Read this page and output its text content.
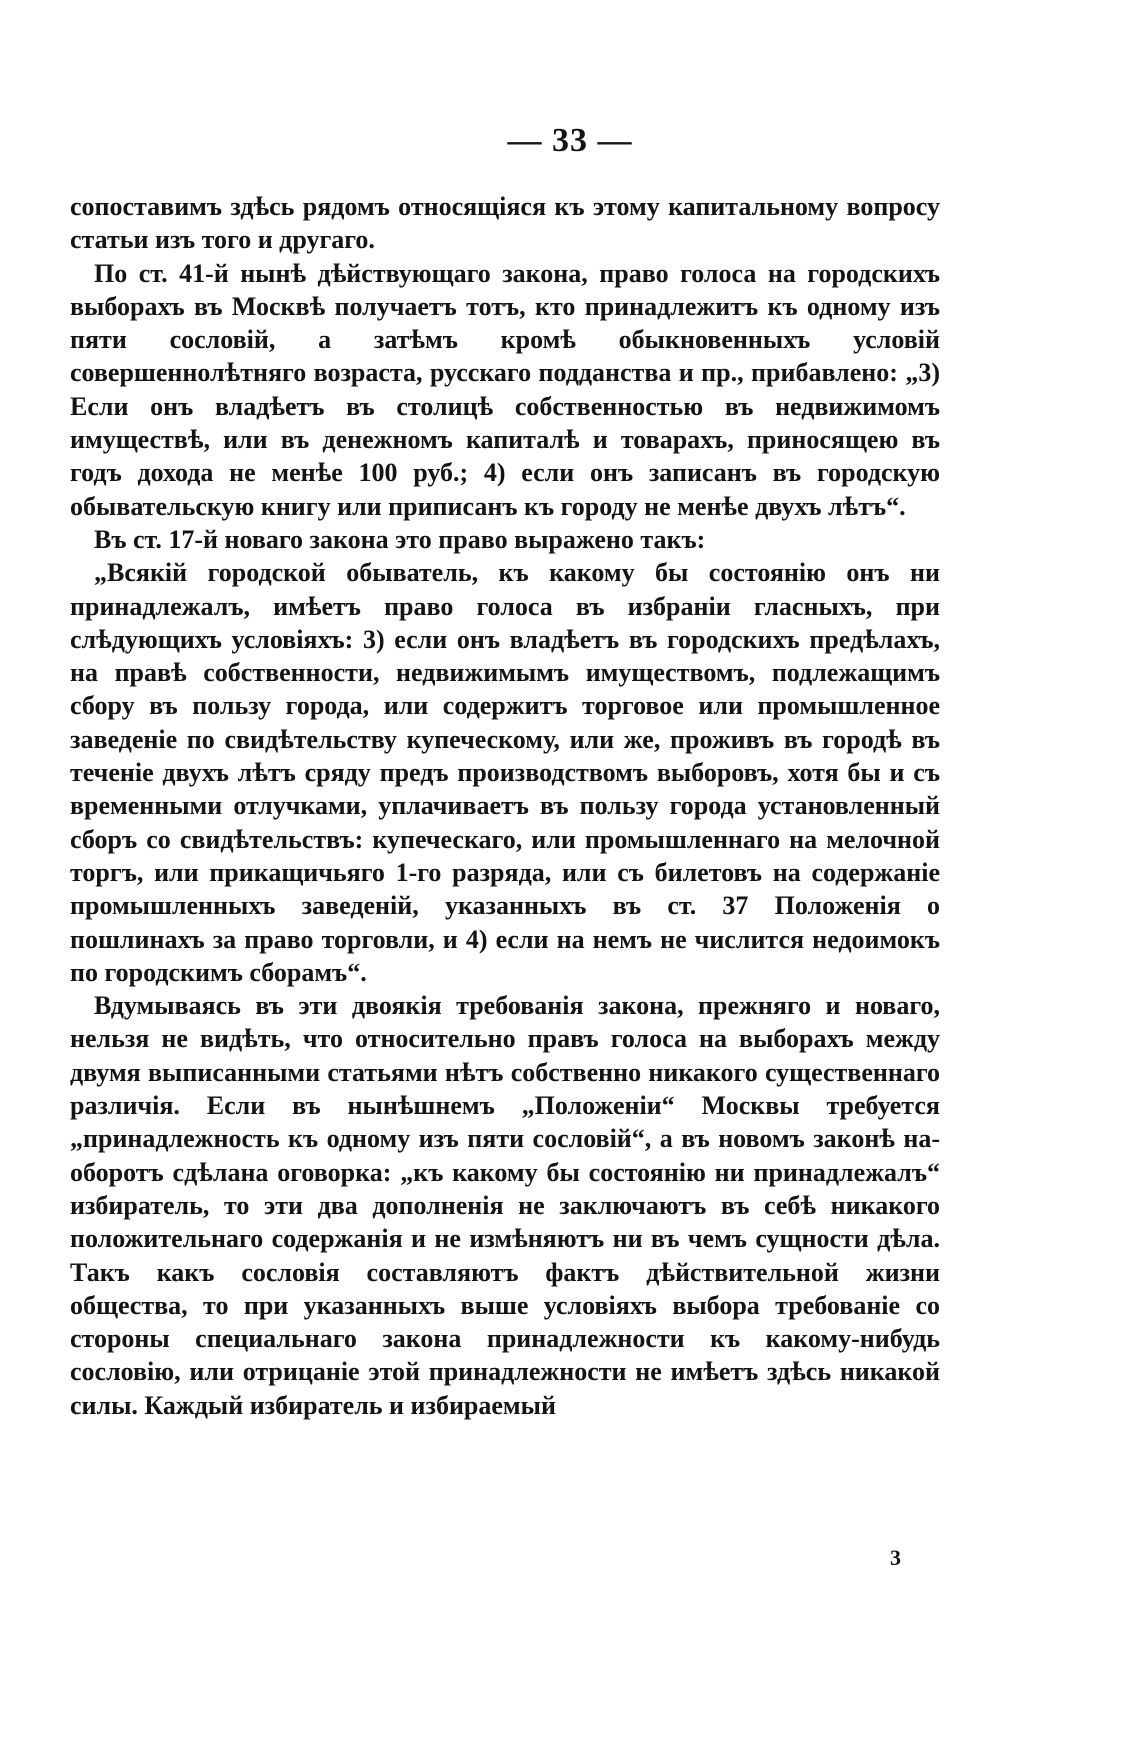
— 33 —

сопоставимъ здѣсь рядомъ относящіяся къ этому капитальному вопросу статьи изъ того и другаго.

По ст. 41-й нынѣ дѣйствующаго закона, право голоса на городскихъ выборахъ въ Москвѣ получаетъ тотъ, кто принадлежитъ къ одному изъ пяти сословій, а затѣмъ кромѣ обыкновенныхъ условій совершеннолѣтняго возраста, русскаго подданства и пр., прибавлено: „3) Если онъ владѣетъ въ столицѣ собственностью въ недвижимомъ имуществѣ, или въ денежномъ капиталѣ и товарахъ, приносящею въ годъ дохода не менѣе 100 руб.; 4) если онъ записанъ въ городскую обывательскую книгу или приписанъ къ городу не менѣе двухъ лѣтъ“.

Въ ст. 17-й новаго закона это право выражено такъ:

„Всякій городской обыватель, къ какому бы состоянію онъ ни принадлежалъ, имѣетъ право голоса въ избраніи гласныхъ, при слѣдующихъ условіяхъ: 3) если онъ владѣетъ въ городскихъ предѣлахъ, на правѣ собственности, недвижимымъ имуществомъ, подлежащимъ сбору въ пользу города, или содержитъ торговое или промышленное заведеніе по свидѣтельству купеческому, или же, проживъ въ городѣ въ теченіе двухъ лѣтъ сряду предъ производствомъ выборовъ, хотя бы и съ временными отлучками, уплачиваетъ въ пользу города установленный сборъ со свидѣтельствъ: купеческаго, или промышленнаго на мелочной торгъ, или прикащичьяго 1-го разряда, или съ билетовъ на содержаніе промышленныхъ заведеній, указанныхъ въ ст. 37 Положенія о пошлинахъ за право торговли, и 4) если на немъ не числится недоимокъ по городскимъ сборамъ“.

Вдумываясь въ эти двоякія требованія закона, прежняго и новаго, нельзя не видѣть, что относительно правъ голоса на выборахъ между двумя выписанными статьями нѣтъ собственно никакого существеннаго различія. Если въ нынѣшнемъ „Положеніи“ Москвы требуется „принадлежность къ одному изъ пяти сословій“, а въ новомъ законѣ на-оборотъ сдѣлана оговорка: „къ какому бы состоянію ни принадлежалъ“ избиратель, то эти два дополненія не заключаютъ въ себѣ никакого положительнаго содержанія и не измѣняютъ ни въ чемъ сущности дѣла. Такъ какъ сословія составляютъ фактъ дѣйствительной жизни общества, то при указанныхъ выше условіяхъ выбора требованіе со стороны специальнаго закона принадлежности къ какому-нибудь сословію, или отрицаніе этой принадлежности не имѣетъ здѣсь никакой силы. Каждый избиратель и избираемый

3
